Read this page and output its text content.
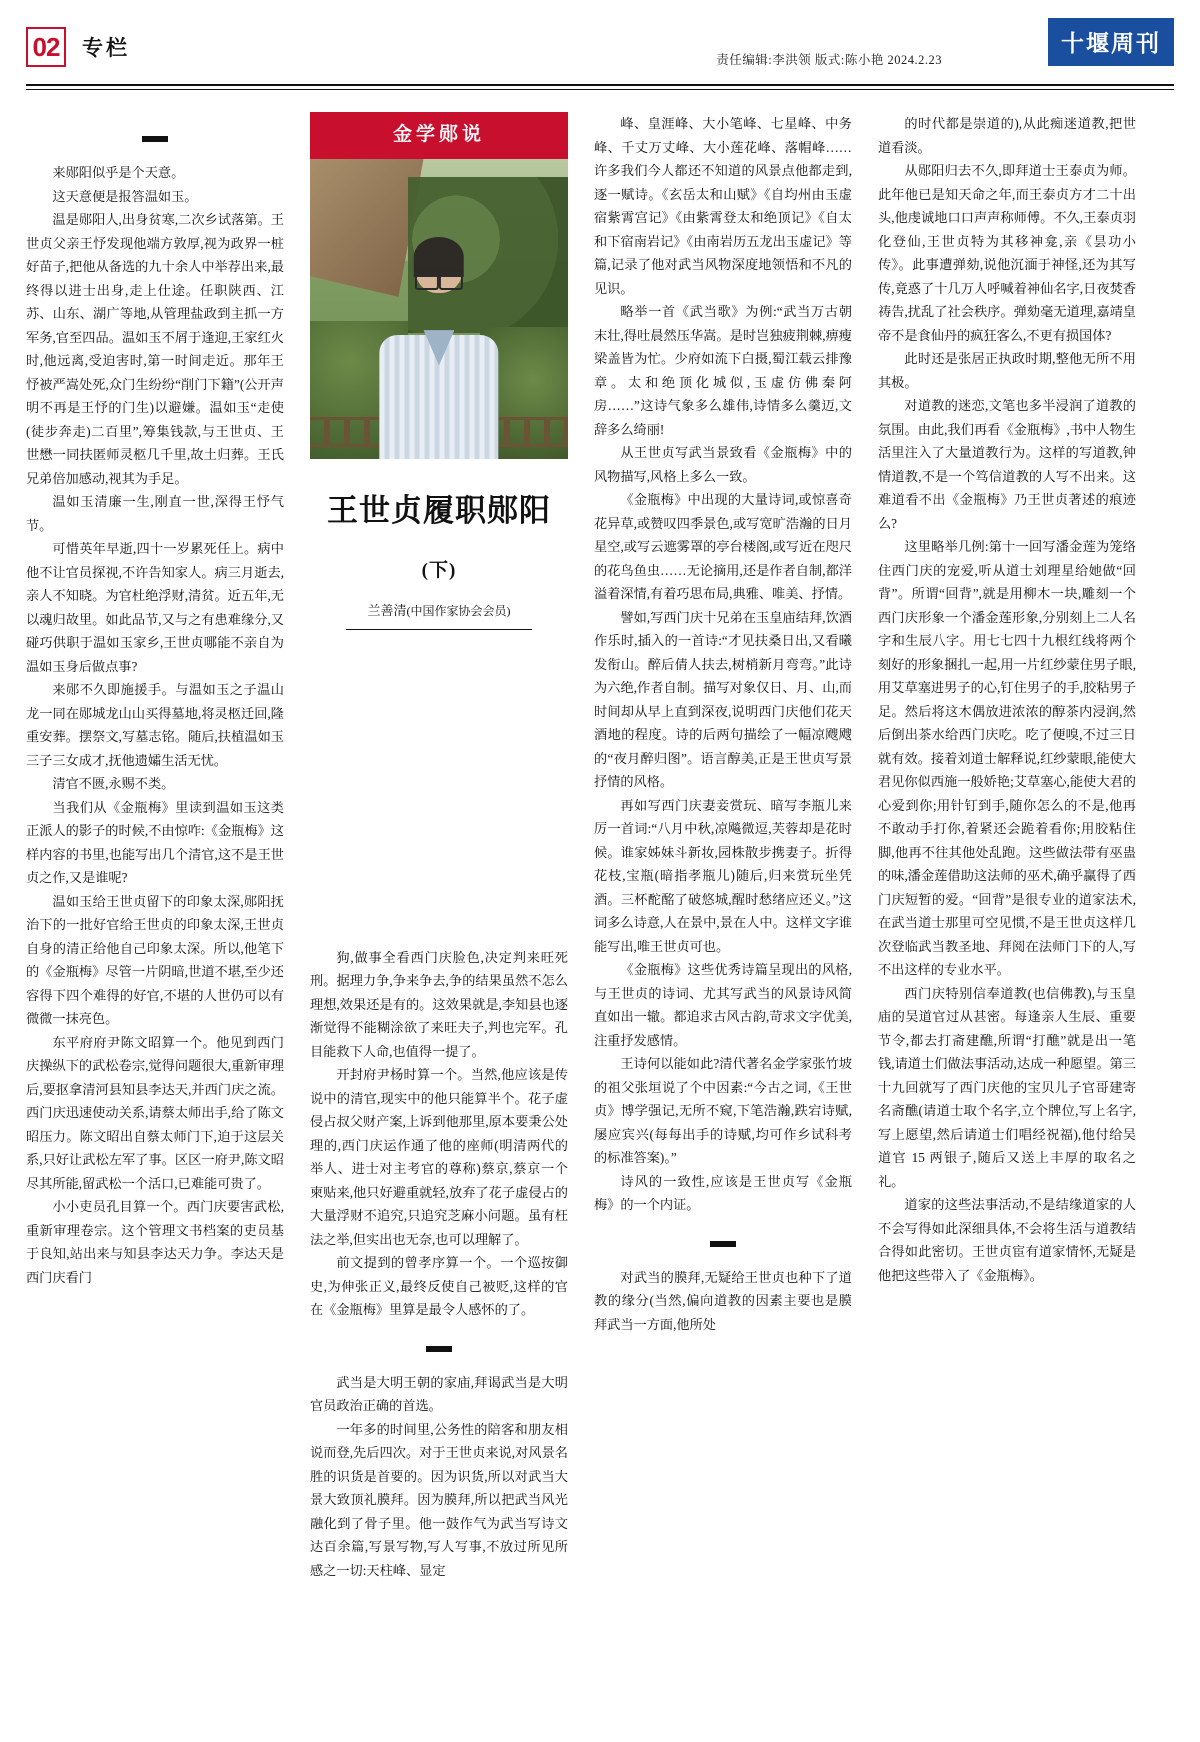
02	专栏	责任编辑:李洪领 版式:陈小艳 2024.2.23
十堰周刊

来郧阳似乎是个天意。

这天意便是报答温如玉。

温是郧阳人,出身贫寒,二次乡试落第。王世贞父亲王忬发现他端方敦厚,视为政界一桩好苗子,把他从备选的九十余人中举荐出来,最终得以进士出身,走上仕途。任职陕西、江苏、山东、湖广等地,从管理盐政到主抓一方军务,官至四品。温如玉不屑于逢迎,王家红火时,他远离,受迫害时,第一时间走近。那年王忬被严嵩处死,众门生纷纷“削门下籍”(公开声明不再是王忬的门生)以避嫌。温如玉“走使(徒步奔走)二百里”,筹集钱款,与王世贞、王世懋一同扶匿师灵柩几千里,故土归葬。王氏兄弟倍加感动,视其为手足。

温如玉清廉一生,刚直一世,深得王忬气节。

可惜英年早逝,四十一岁累死任上。病中他不让官员探视,不许告知家人。病三月逝去,亲人不知晓。为官杜绝浮财,清贫。近五年,无以魂归故里。如此品节,又与之有患难缘分,又碰巧供职于温如玉家乡,王世贞哪能不亲自为温如玉身后做点事?

来郧不久即施援手。与温如玉之子温山龙一同在郧城龙山山买得墓地,将灵柩迁回,隆重安葬。摆祭文,写墓志铭。随后,扶植温如玉三子三女成才,抚他遗孀生活无忧。

清官不匮,永赐不类。

当我们从《金瓶梅》里读到温如玉这类正派人的影子的时候,不由惊咋:《金瓶梅》这样内容的书里,也能写出几个清官,这不是王世贞之作,又是谁呢?

温如玉给王世贞留下的印象太深,郧阳抚治下的一批好官给王世贞的印象太深,王世贞自身的清正给他自己印象太深。所以,他笔下的《金瓶梅》尽管一片阴暗,世道不堪,至少还容得下四个难得的好官,不堪的人世仍可以有微微一抹亮色。

东平府府尹陈文昭算一个。他见到西门庆操纵下的武松卷宗,觉得问题很大,重新审理后,要抠拿清河县知县李达天,并西门庆之流。西门庆迅速使动关系,请蔡太师出手,给了陈文昭压力。陈文昭出自蔡太师门下,迫于这层关系,只好让武松左军了事。区区一府尹,陈文昭尽其所能,留武松一个活口,已难能可贵了。

小小吏员孔目算一个。西门庆要害武松,重新审理卷宗。这个管理文书档案的吏员基于良知,站出来与知县李达天力争。李达天是西门庆看门

金学郧说
王世贞履职郧阳(下)
兰善清(中国作家协会会员)

狗,做事全看西门庆脸色,决定判来旺死刑。据理力争,争来争去,争的结果虽然不怎么理想,效果还是有的。这效果就是,李知县也逐渐觉得不能糊涂欲了来旺夫子,判也完军。孔目能救下人命,也值得一提了。

开封府尹杨时算一个。当然,他应该是传说中的清官,现实中的他只能算半个。花子虚侵占叔父财产案,上诉到他那里,原本要秉公处理的,西门庆运作通了他的座师(明清两代的举人、进士对主考官的尊称)蔡京,蔡京一个柬贴来,他只好避重就轻,放弃了花子虚侵占的大量浮财不追究,只追究芝麻小问题。虽有枉法之举,但实出也无奈,也可以理解了。

前文提到的曾孝序算一个。一个巡按御史,为伸张正义,最终反使自己被贬,这样的官在《金瓶梅》里算是最令人感怀的了。

武当是大明王朝的家庙,拜谒武当是大明官员政治正确的首选。

一年多的时间里,公务性的陪客和朋友相说而登,先后四次。对于王世贞来说,对风景名胜的识货是首要的。因为识货,所以对武当大景大致顶礼膜拜。因为膜拜,所以把武当风光融化到了骨子里。他一鼓作气为武当写诗文达百余篇,写景写物,写人写事,不放过所见所感之一切:天柱峰、显定

峰、皇涯峰、大小笔峰、七星峰、中务峰、千丈万丈峰、大小莲花峰、落帽峰……许多我们今人都还不知道的风景点他都走到,逐一赋诗。《玄岳太和山赋》《自均州由玉虚宿紫霄宫记》《由紫霄登太和绝顶记》《自太和下宿南岩记》《由南岩历五龙出玉虚记》等篇,记录了他对武当风物深度地领悟和不凡的见识。

略举一首《武当歌》为例:“武当万古朝末壮,得吐晨然压华嵩。是时岂独疲荆棘,痹瘦梁盖皆为忙。少府如流下白摄,蜀江载云排豫章。太和绝顶化城似,玉虚仿佛秦阿房……”这诗气象多么雄伟,诗情多么羹迈,文辞多么绮丽!

从王世贞写武当景致看《金瓶梅》中的风物描写,风格上多么一致。

《金瓶梅》中出现的大量诗词,或惊喜奇花异草,或赞叹四季景色,或写宽旷浩瀚的日月星空,或写云遮雾罩的亭台楼阁,或写近在咫尺的花鸟鱼虫……无论摘用,还是作者自制,都洋溢着深情,有着巧思布局,典雅、唯美、抒情。

譬如,写西门庆十兄弟在玉皇庙结拜,饮酒作乐时,插入的一首诗:“才见扶桑日出,又看曦发衔山。醉后倩人扶去,树梢新月弯弯。”此诗为六绝,作者自制。描写对象仅日、月、山,而时间却从早上直到深夜,说明西门庆他们花天酒地的程度。诗的后两句描绘了一幅凉飕飕的“夜月醉归图”。语言醇美,正是王世贞写景抒情的风格。

再如写西门庆妻妾赏玩、暗写李瓶儿来厉一首词:“八月中秋,凉飚微逗,芙蓉却是花时候。谁家姊妹斗新妆,园株散步携妻子。折得花枝,宝瓶(暗指孝瓶儿)随后,归来赏玩坐凭酒。三杯酡酩了破悠城,醒时愁绪应还义。”这词多么诗意,人在景中,景在人中。这样文字谁能写出,唯王世贞可也。

《金瓶梅》这些优秀诗篇呈现出的风格,与王世贞的诗词、尤其写武当的风景诗风简直如出一辙。都追求古风古韵,苛求文字优美,注重抒发感情。

王诗何以能如此?清代著名金学家张竹坡的祖父张垣说了个中因素:“今古之词,《王世贞》博学强记,无所不窥,下笔浩瀚,跌宕诗赋,屡应宾兴(每每出手的诗赋,均可作乡试科考的标准答案)。”

诗风的一致性,应该是王世贞写《金瓶梅》的一个内证。

对武当的膜拜,无疑给王世贞也种下了道教的缘分(当然,偏向道教的因素主要也是膜拜武当一方面,他所处

的时代都是崇道的),从此痴迷道教,把世道看淡。

从郧阳归去不久,即拜道士王泰贞为师。此年他已是知天命之年,而王泰贞方才二十出头,他虔诚地口口声声称师傅。不久,王泰贞羽化登仙,王世贞特为其移神龛,亲《昙功小传》。此事遭弹劾,说他沉湎于神怪,还为其写传,竟惑了十几万人呼喊着神仙名字,日夜焚香祷告,扰乱了社会秩序。弹劾毫无道理,嘉靖皇帝不是食仙丹的疯狂客么,不更有损国体?

此时还是张居正执政时期,整他无所不用其极。

对道教的迷恋,文笔也多半浸润了道教的氛围。由此,我们再看《金瓶梅》,书中人物生活里注入了大量道教行为。这样的写道教,钟情道教,不是一个笃信道教的人写不出来。这难道看不出《金瓶梅》乃王世贞著述的痕迹么?

这里略举几例:第十一回写潘金莲为笼络住西门庆的宠爱,听从道士刘理星给她做“回背”。所谓“回背”,就是用柳木一块,雕刻一个西门庆形象一个潘金莲形象,分别刻上二人名字和生辰八字。用七七四十九根红线将两个刻好的形象捆扎一起,用一片红纱蒙住男子眼,用艾草塞进男子的心,钉住男子的手,胶粘男子足。然后将这木偶放进浓浓的醇茶内浸润,然后倒出茶水给西门庆吃。吃了便嗅,不过三日就有效。接着刘道士解释说,红纱蒙眼,能使大君见你似西施一般娇艳;艾草塞心,能使大君的心爱到你;用针钉到手,随你怎么的不是,他再不敢动手打你,着紧还会跪着看你;用胶粘住脚,他再不往其他处乱跑。这些做法带有巫蛊的味,潘金莲借助这法师的巫术,确乎赢得了西门庆短暂的爱。“回背”是很专业的道家法术,在武当道士那里可空见惯,不是王世贞这样几次登临武当教圣地、拜阅在法师门下的人,写不出这样的专业水平。

西门庆特别信奉道教(也信佛教),与玉皇庙的吴道官过从甚密。每逢亲人生辰、重要节令,都去打斋建醮,所谓“打醮”就是出一笔钱,请道士们做法事活动,达成一种愿望。第三十九回就写了西门庆他的宝贝儿子官哥建寄名斋醮(请道士取个名字,立个牌位,写上名字,写上愿望,然后请道士们唱经祝福),他付给吴道官 15 两银子,随后又送上丰厚的取名之礼。

道家的这些法事活动,不是结缘道家的人不会写得如此深细具体,不会将生活与道教结合得如此密切。王世贞宦有道家情怀,无疑是他把这些带入了《金瓶梅》。
